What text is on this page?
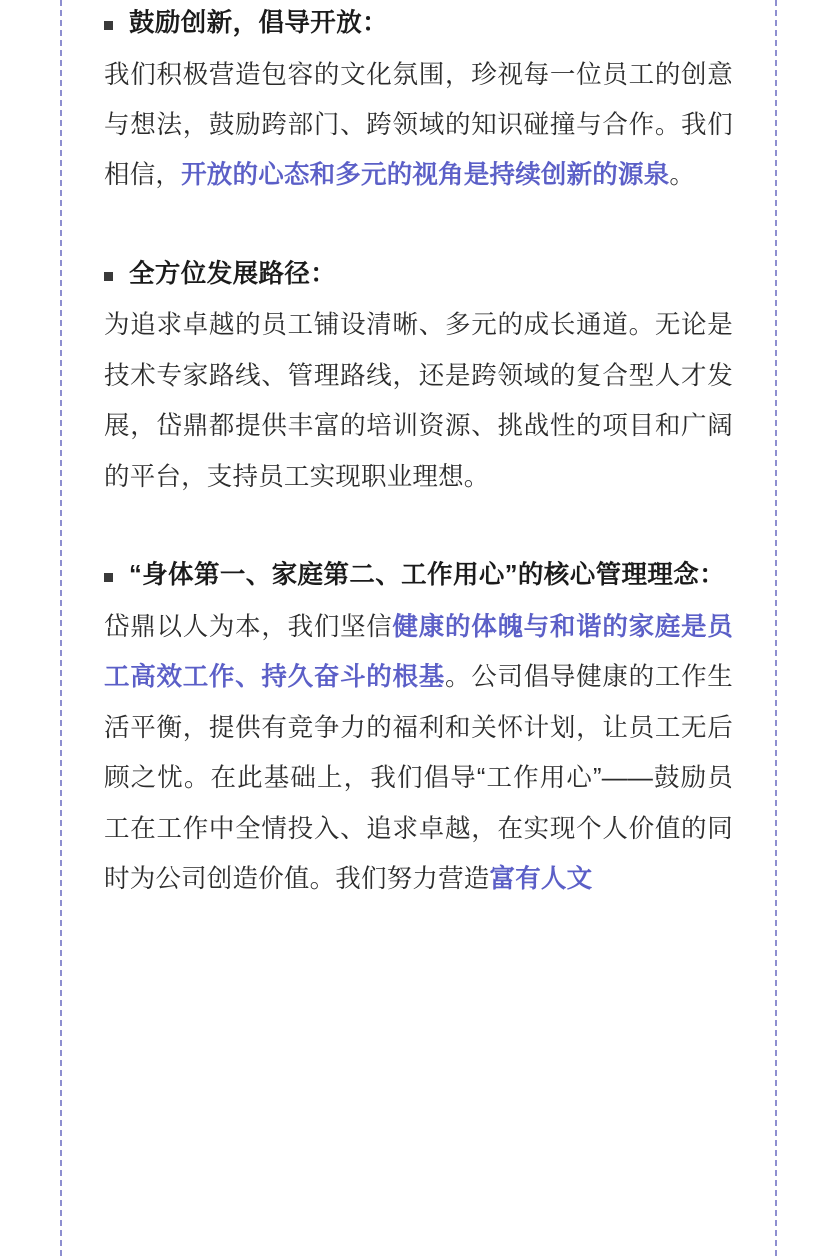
鼓励创新，倡导开放：

我们积极营造包容的文化氛围，珍视每一位员工的创意与想法，鼓励跨部门、跨领域的知识碰撞与合作。我们相信，开放的心态和多元的视角是持续创新的源泉。

全方位发展路径：

为追求卓越的员工铺设清晰、多元的成长通道。无论是技术专家路线、管理路线，还是跨领域的复合型人才发展，岱鼎都提供丰富的培训资源、挑战性的项目和广阔的平台，支持员工实现职业理想。

“身体第一、家庭第二、工作用心”的核心管理理念：

岱鼎以人为本，我们坚信健康的体魄与和谐的家庭是员工高效工作、持久奋斗的根基。公司倡导健康的工作生活平衡，提供有竞争力的福利和关怀计划，让员工无后顾之忧。在此基础上，我们倡导“工作用心”——鼓励员工在工作中全情投入、追求卓越，在实现个人价值的同时为公司创造价值。我们努力营造富有人文
